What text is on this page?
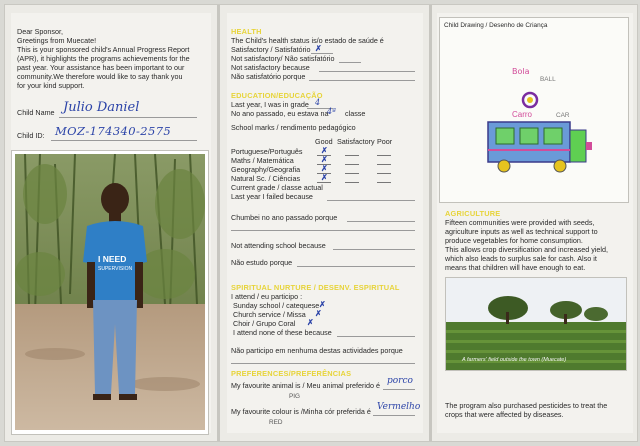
Dear Sponsor,
Greetings from Muecate!
This is your sponsored child's Annual Progress Report
(APR), it highlights the programs achievements for the
past year. Your assistance has been important to our
community.We therefore would like to say thank you
for your kind support.
Child Name Julio Daniel
Child ID: MOZ-174340-2575
I NEED
SUPERVISION
HEALTH
The Child's health status is/o estado de saúde é
Satisfactory / Satisfatório ✗
Not satisfactory/ Não satisfatório
Not satisfactory because
Não satisfatório porque
EDUCATION/EDUCAÇÃO
Last year, I was in grade 4
No ano passado, eu estava na
4ª classe
School marks / rendimento pedagógico
Good Satisfactory Poor
Portuguese/Português
Maths / Matemática
Geography/Geografia
Natural Sc. / Ciências
Current grade / classe actual
Last year I failed because
✗
✗
✗
✗
Chumbei no ano passado porque
Not attending school because
Não estudo porque
SPIRITUAL NURTURE / DESENV. ESPIRITUAL
I attend / eu participo :
Sunday school / catequese ✗
Church service / Missa ✗
Choir / Grupo Coral ✗
I attend none of these because
Não participo em nenhuma destas actividades porque
PREFERENCES/PREFERÊNCIAS
My favourite animal is / Meu animal preferido é porco
PIG
My favourite colour is /Minha cór preferida é Vermelho
RED
Child Drawing / Desenho de Criança
Bola
BALL
Carro	CAR
AGRICULTURE
Fifteen communities were provided with seeds,
agriculture inputs as well as technical support to
produce vegetables for home consumption.
This allows crop diversification and increased yield,
which also leads to surplus sale for cash. Also it
means that children will have enough to eat.
A farmers' field outside the town (Muecate)
The program also purchased pesticides to treat the
crops that were affected by diseases.
